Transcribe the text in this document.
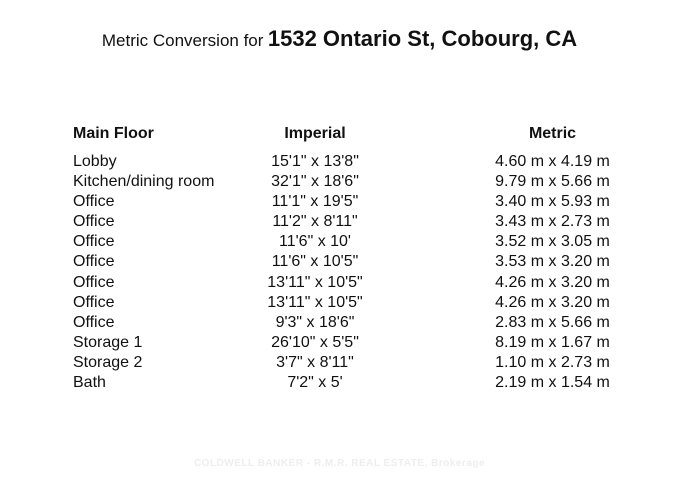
Metric Conversion for 1532 Ontario St, Cobourg, CA
Main Floor	Imperial	Metric
Lobby	15'1" x 13'8"	4.60 m x 4.19 m
Kitchen/dining room	32'1" x 18'6"	9.79 m x 5.66 m
Office	11'1" x 19'5"	3.40 m x 5.93 m
Office	11'2" x 8'11"	3.43 m x 2.73 m
Office	11'6" x 10'	3.52 m x 3.05 m
Office	11'6" x 10'5"	3.53 m x 3.20 m
Office	13'11" x 10'5"	4.26 m x 3.20 m
Office	13'11" x 10'5"	4.26 m x 3.20 m
Office	9'3" x 18'6"	2.83 m x 5.66 m
Storage 1	26'10" x 5'5"	8.19 m x 1.67 m
Storage 2	3'7" x 8'11"	1.10 m x 2.73 m
Bath	7'2" x 5'	2.19 m x 1.54 m
COLDWELL BANKER - R.M.R. REAL ESTATE, Brokerage
